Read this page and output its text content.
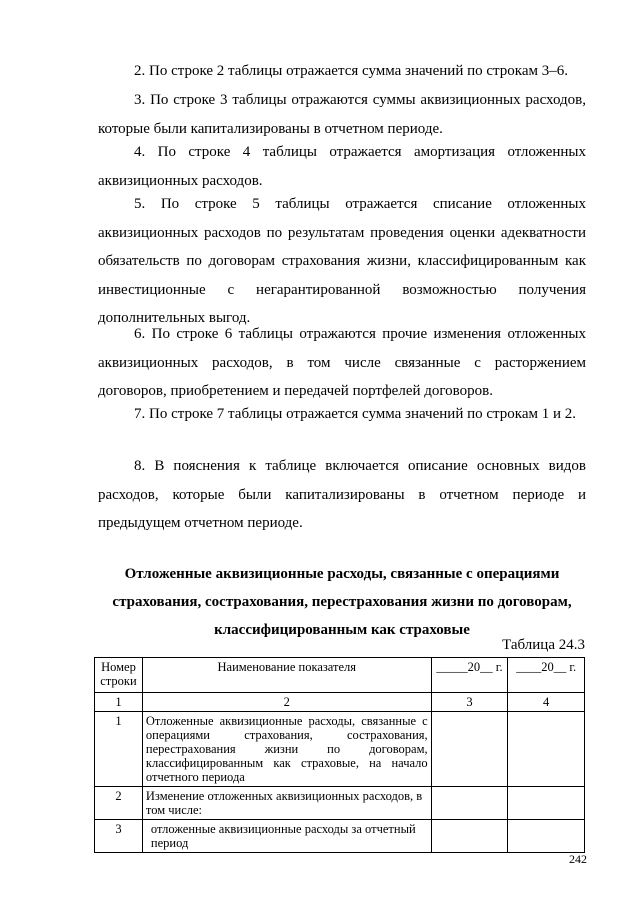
2. По строке 2 таблицы отражается сумма значений по строкам 3–6.

3. По строке 3 таблицы отражаются суммы аквизиционных расходов, которые были капитализированы в отчетном периоде.

4. По строке 4 таблицы отражается амортизация отложенных аквизиционных расходов.

5. По строке 5 таблицы отражается списание отложенных аквизиционных расходов по результатам проведения оценки адекватности обязательств по договорам страхования жизни, классифицированным как инвестиционные с негарантированной возможностью получения дополнительных выгод.

6. По строке 6 таблицы отражаются прочие изменения отложенных аквизиционных расходов, в том числе связанные с расторжением договоров, приобретением и передачей портфелей договоров.

7. По строке 7 таблицы отражается сумма значений по строкам 1 и 2.

8. В пояснения к таблице включается описание основных видов расходов, которые были капитализированы в отчетном периоде и предыдущем отчетном периоде.

Отложенные аквизиционные расходы, связанные с операциями
страхования, сострахования, перестрахования жизни по договорам,
классифицированным как страховые
Таблица 24.3
Номер строки	Наименование показателя	_____20__ г.	____20__ г.
1	2	3	4
1	Отложенные аквизиционные расходы, связанные с операциями страхования, сострахования, перестрахования жизни по договорам, классифицированным как страховые, на начало отчетного периода		
2	Изменение отложенных аквизиционных расходов, в том числе:		
3	отложенные аквизиционные расходы за отчетный период		
242
